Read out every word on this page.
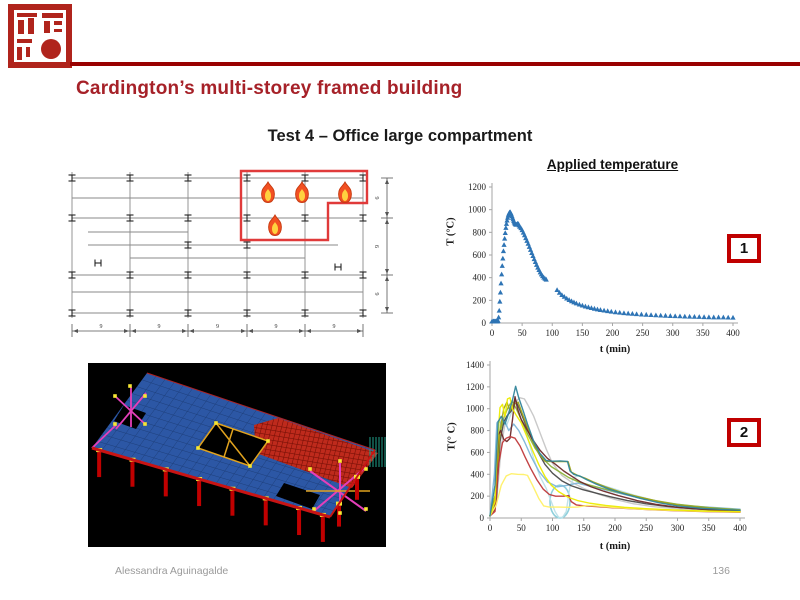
Cardington’s multi-storey framed building
Test 4 – Office large compartment
9	9	9	9	9
6
9
6
0
200
400
600
800
1000
1200
0	50 100 150 200 250 300 350 400
Applied temperature
T (°C)
t (min)
0
200
400
600
800
1000
1200
1400
0	50 100 150 200 250 300 350 400
T(° C)
t (min)
1
2
Alessandra Aguinagalde	136
